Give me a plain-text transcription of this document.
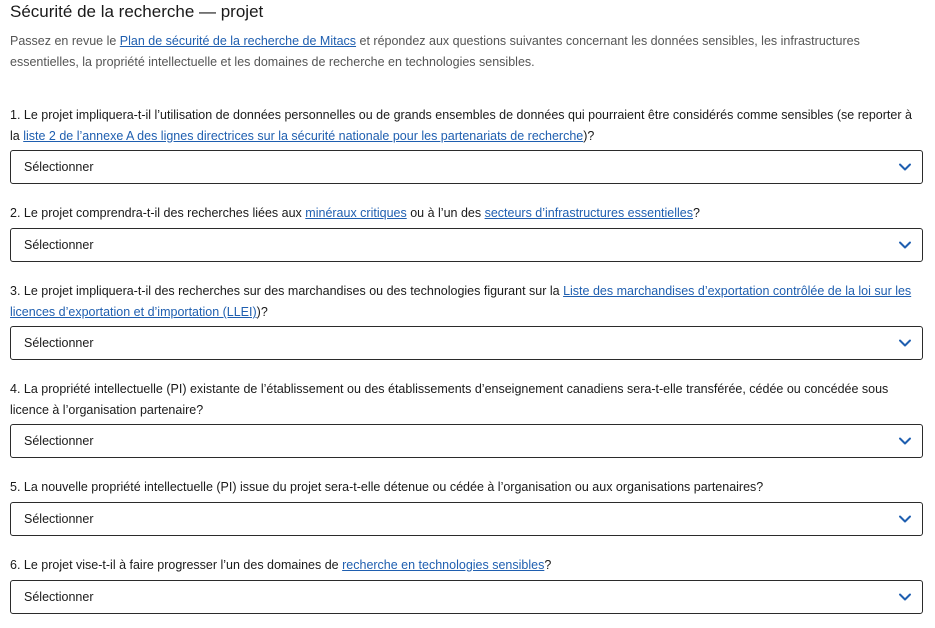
Sécurité de la recherche — projet

Passez en revue le Plan de sécurité de la recherche de Mitacs et répondez aux questions suivantes concernant les données sensibles, les infrastructures essentielles, la propriété intellectuelle et les domaines de recherche en technologies sensibles.

1. Le projet impliquera-t-il l’utilisation de données personnelles ou de grands ensembles de données qui pourraient être considérés comme sensibles (se reporter à la liste 2 de l’annexe A des lignes directrices sur la sécurité nationale pour les partenariats de recherche)?
Sélectionner
2. Le projet comprendra-t-il des recherches liées aux minéraux critiques ou à l’un des secteurs d’infrastructures essentielles?
Sélectionner
3. Le projet impliquera-t-il des recherches sur des marchandises ou des technologies figurant sur la Liste des marchandises d’exportation contrôlée de la loi sur les licences d’exportation et d’importation (LLEI))?
Sélectionner
4. La propriété intellectuelle (PI) existante de l’établissement ou des établissements d’enseignement canadiens sera-t-elle transférée, cédée ou concédée sous licence à l’organisation partenaire?
Sélectionner
5. La nouvelle propriété intellectuelle (PI) issue du projet sera-t-elle détenue ou cédée à l’organisation ou aux organisations partenaires?
Sélectionner
6. Le projet vise-t-il à faire progresser l’un des domaines de recherche en technologies sensibles?
Sélectionner
